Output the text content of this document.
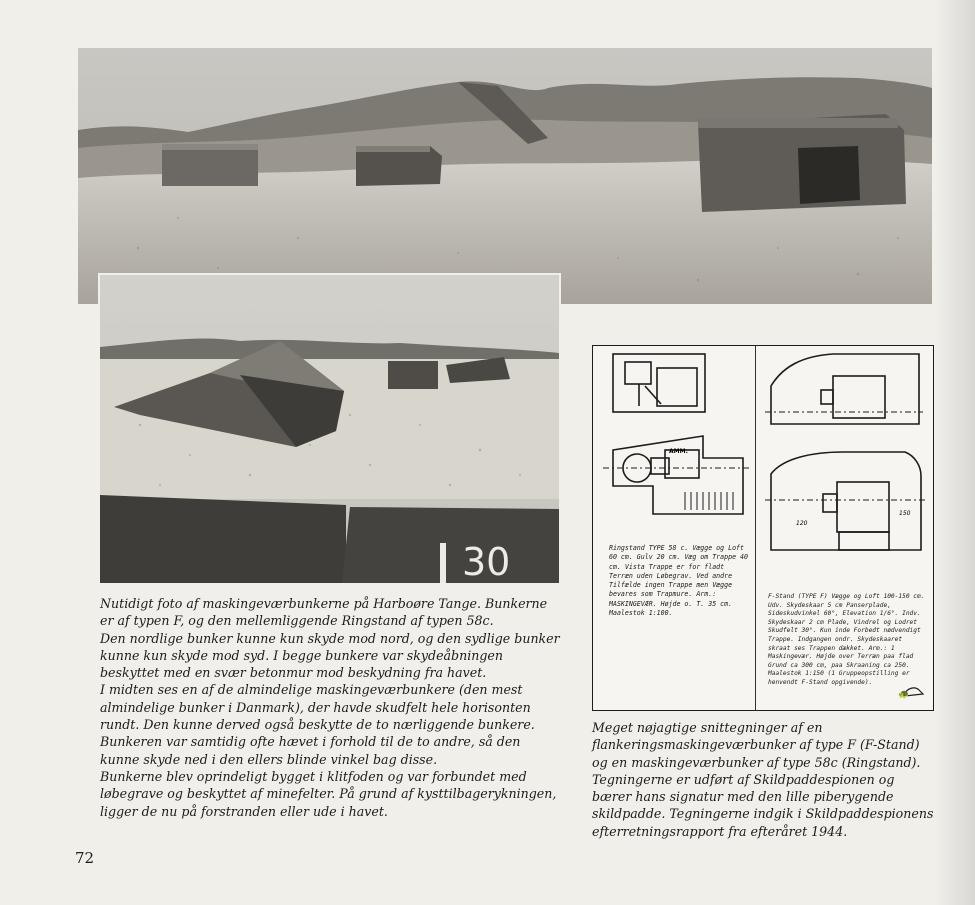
30

Nutidigt foto af maskingeværbunkerne på Harboøre Tange. Bunkerne er af typen F, og den mellemliggende Ringstand af typen 58c.

Den nordlige bunker kunne kun skyde mod nord, og den sydlige bunker kunne kun skyde mod syd. I begge bunkere var skydeåbningen beskyttet med en svær betonmur mod beskydning fra havet.

I midten ses en af de almindelige maskingeværbunkere (den mest almindelige bunker i Danmark), der havde skudfelt hele horisonten rundt. Den kunne derved også beskytte de to nærliggende bunkere. Bunkeren var samtidig ofte hævet i forhold til de to andre, så den kunne skyde ned i den ellers blinde vinkel bag disse.

Bunkerne blev oprindeligt bygget i klitfoden og var forbundet med løbegrave og beskyttet af minefelter. På grund af kysttilbagerykningen, ligger de nu på forstranden eller ude i havet.

AMM.
120
150
Ringstand TYPE 58 c. Vægge og Loft 60 cm. Gulv 20 cm. Væg om Trappe 40 cm. Vista Trappe er for fladt Terræn uden Løbegrav. Ved andre Tilfælde ingen Trappe men Vægge bevares som Trapmure. Arm.: MASKINGEVÆR. Højde o. T. 35 cm. Maalestok 1:100.
F-Stand (TYPE F) Vægge og Loft 100-150 cm. Udv. Skydeskaar 5 cm Panserplade, Sideskudvinkel 60°, Elevation 1/6°. Indv. Skydeskaar 2 cm Plade, Vindrel og Lodret Skudfelt 30°. Kun inde Forbedt nødvendigt Trappe. Indgangen ondr. Skydeskaaret skraat ses Trappen dækket. Arm.: 1 Maskingevær. Højde over Terræn paa flad Grund ca 300 cm, paa Skraaning ca 250. Maalestok 1:150 (1 Gruppeopstilling er henvendt F-Stand opgivende).
🐢
Meget nøjagtige snittegninger af en flankeringsmaskingeværbunker af type F (F-Stand) og en maskingeværbunker af type 58c (Ringstand). Tegningerne er udført af Skildpaddespionen og bærer hans signatur med den lille piberygende skildpadde. Tegningerne indgik i Skildpaddespionens efterretningsrapport fra efteråret 1944.
72
